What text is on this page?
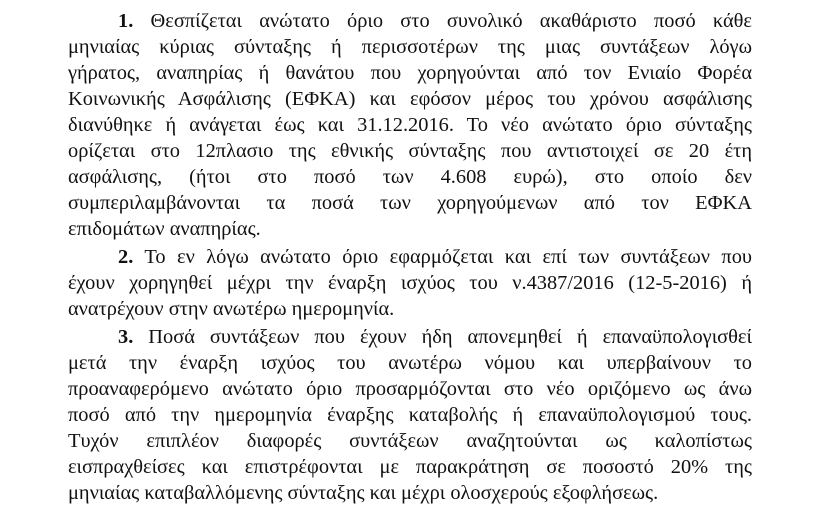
1. Θεσπίζεται ανώτατο όριο στο συνολικό ακαθάριστο ποσό κάθε
μηνιαίας κύριας σύνταξης ή περισσοτέρων της μιας συντάξεων λόγω
γήρατος, αναπηρίας ή θανάτου που χορηγούνται από τον Ενιαίο Φορέα
Κοινωνικής Ασφάλισης (ΕΦΚΑ) και εφόσον μέρος του χρόνου ασφάλισης
διανύθηκε ή ανάγεται έως και 31.12.2016. Το νέο ανώτατο όριο σύνταξης
ορίζεται στο 12πλασιο της εθνικής σύνταξης που αντιστοιχεί σε 20 έτη
ασφάλισης, (ήτοι στο ποσό των 4.608 ευρώ), στο οποίο δεν
συμπεριλαμβάνονται τα ποσά των χορηγούμενων από τον ΕΦΚΑ
επιδομάτων αναπηρίας.
2. Το εν λόγω ανώτατο όριο εφαρμόζεται και επί των συντάξεων που
έχουν χορηγηθεί μέχρι την έναρξη ισχύος του ν.4387/2016 (12-5-2016) ή
ανατρέχουν στην ανωτέρω ημερομηνία.
3. Ποσά συντάξεων που έχουν ήδη απονεμηθεί ή επαναϋπολογισθεί
μετά την έναρξη ισχύος του ανωτέρω νόμου και υπερβαίνουν το
προαναφερόμενο ανώτατο όριο προσαρμόζονται στο νέο οριζόμενο ως άνω
ποσό από την ημερομηνία έναρξης καταβολής ή επαναϋπολογισμού τους.
Τυχόν επιπλέον διαφορές συντάξεων αναζητούνται ως καλοπίστως
εισπραχθείσες και επιστρέφονται με παρακράτηση σε ποσοστό 20% της
μηνιαίας καταβαλλόμενης σύνταξης και μέχρι ολοσχερούς εξοφλήσεως.
